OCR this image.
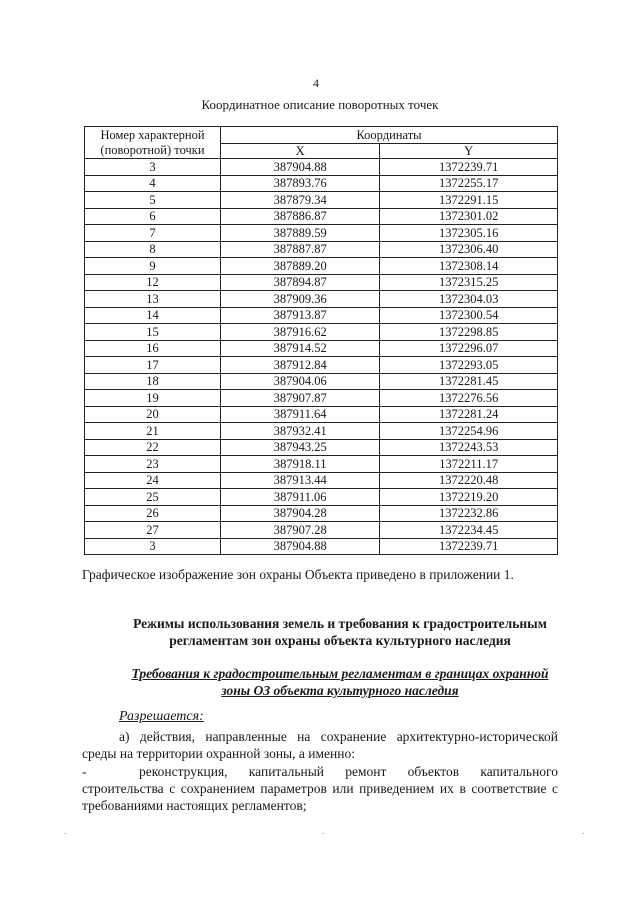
4
Координатное описание поворотных точек
Номер характерной (поворотной) точки	Координаты	
	X	Y
3	387904.88	1372239.71
4	387893.76	1372255.17
5	387879.34	1372291.15
6	387886.87	1372301.02
7	387889.59	1372305.16
8	387887.87	1372306.40
9	387889.20	1372308.14
12	387894.87	1372315.25
13	387909.36	1372304.03
14	387913.87	1372300.54
15	387916.62	1372298.85
16	387914.52	1372296.07
17	387912.84	1372293.05
18	387904.06	1372281.45
19	387907.87	1372276.56
20	387911.64	1372281.24
21	387932.41	1372254.96
22	387943.25	1372243.53
23	387918.11	1372211.17
24	387913.44	1372220.48
25	387911.06	1372219.20
26	387904.28	1372232.86
27	387907.28	1372234.45
3	387904.88	1372239.71
Графическое изображение зон охраны Объекта приведено в приложении 1.
Режимы использования земель и требования к градостроительным регламентам зон охраны объекта культурного наследия
Требования к градостроительным регламентам в границах охранной зоны ОЗ объекта культурного наследия
Разрешается:
а) действия, направленные на сохранение архитектурно-исторической среды на территории охранной зоны, а именно:
-	реконструкция, капитальный ремонт объектов капитального строительства с сохранением параметров или приведением их в соответствие с требованиями настоящих регламентов;
.	.	.
